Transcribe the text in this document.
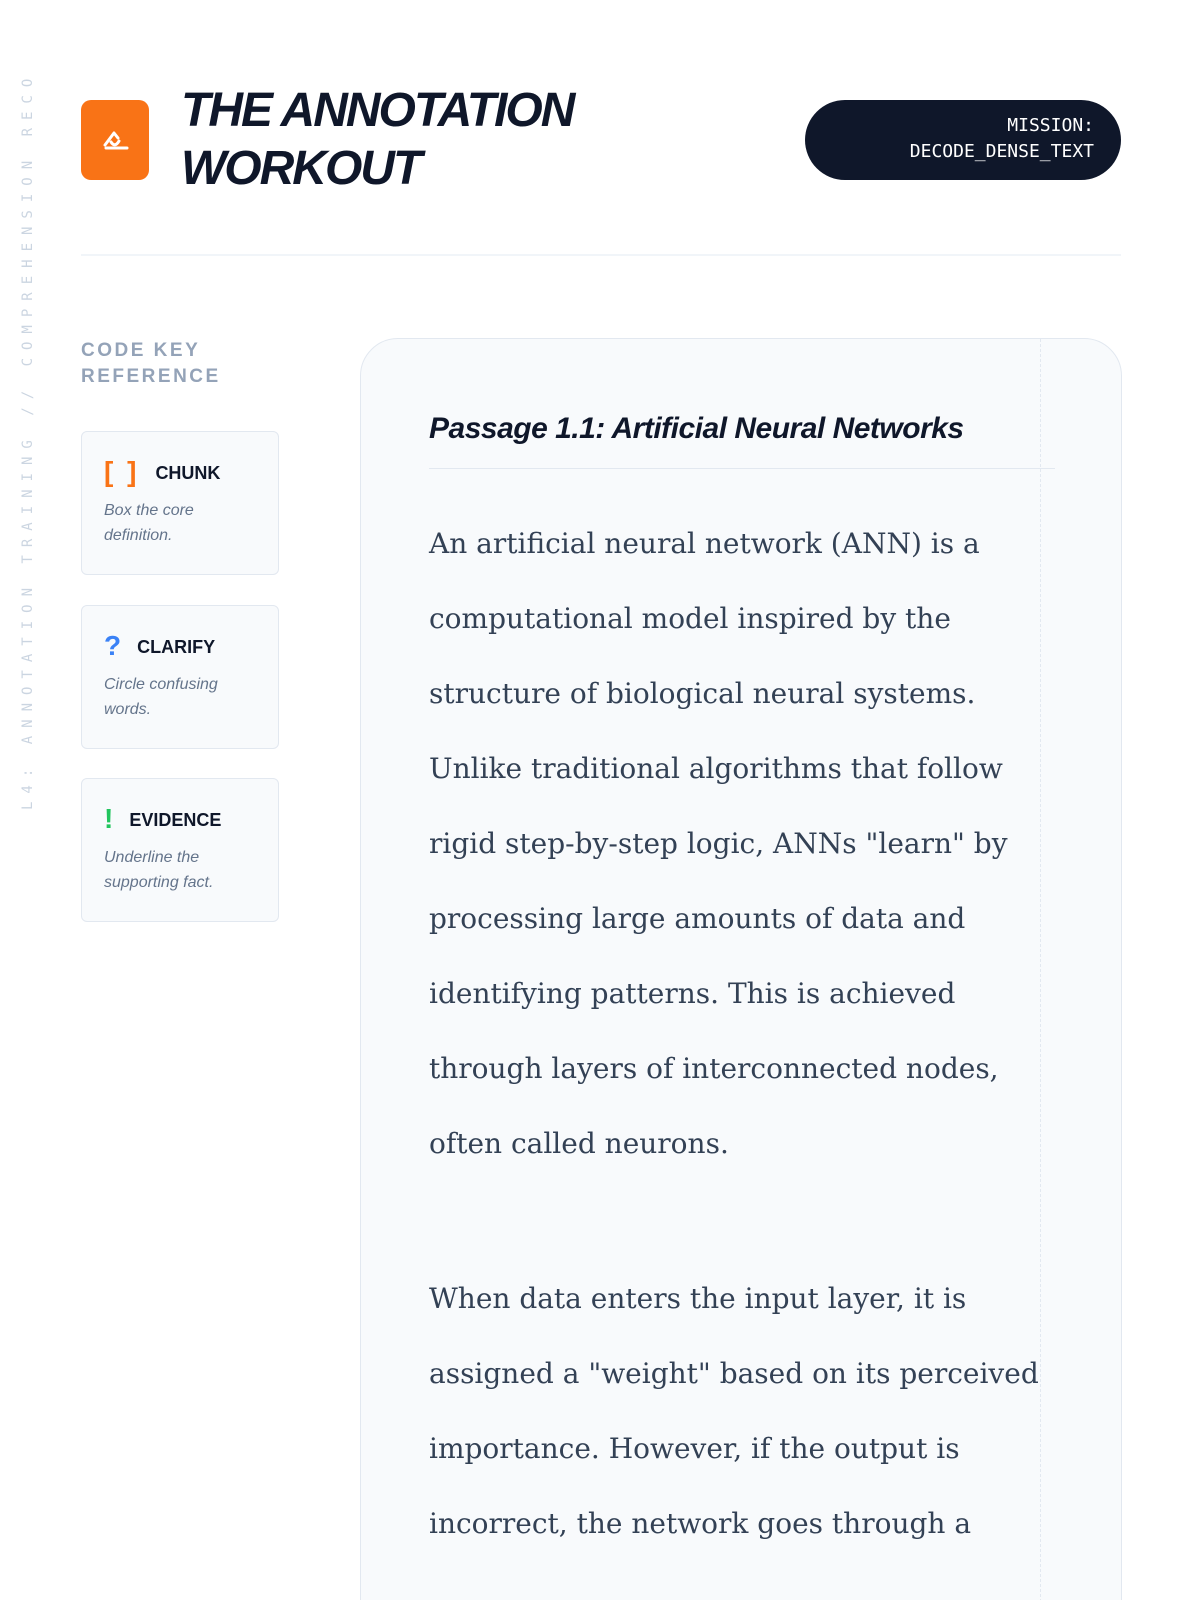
L4: ANNOTATION TRAINING // COMPREHENSION RECO	THE ANNOTATION
WORKOUT
MISSION:
DECODE_DENSE_TEXT
CODE KEY
REFERENCE
[ ] CHUNK
Box the core
definition.
? CLARIFY
Circle confusing
words.
! EVIDENCE
Underline the
supporting fact.
Passage 1.1: Artificial Neural Networks

An artificial neural network (ANN) is a
computational model inspired by the
structure of biological neural systems.
Unlike traditional algorithms that follow
rigid step-by-step logic, ANNs "learn" by
processing large amounts of data and
identifying patterns. This is achieved
through layers of interconnected nodes,
often called neurons.

When data enters the input layer, it is
assigned a "weight" based on its perceived
importance. However, if the output is
incorrect, the network goes through a
